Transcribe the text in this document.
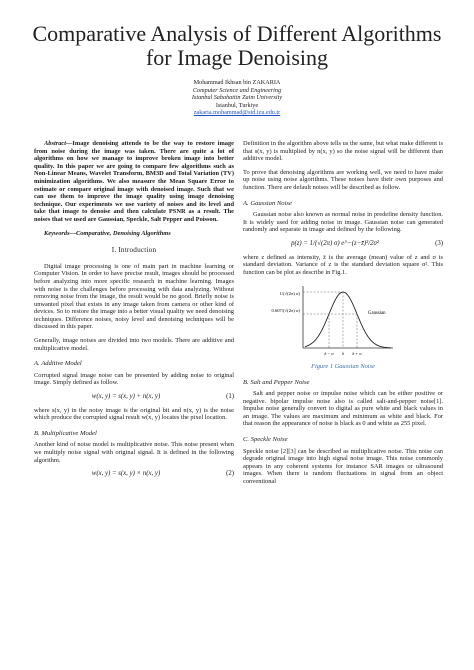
Comparative Analysis of Different Algorithms for Image Denoising
Mohammad Ikhsan bin ZAKARIA
Computer Science and Engineering
Istanbul Sabahattin Zaim University
Istanbul, Turkiye
zakaria.mohammad@std.izu.edu.tr

Abstract—Image denoising attends to be the way to restore image from noise during the image was taken. There are quite a lot of algorithms on how we manage to improve broken image into better quality. In this paper we are going to compare few algorithms such as Non-Linear Means, Wavelet Transform, BM3D and Total Variation (TV) minimization algorithms. We also measure the Mean Square Error to estimate or compare original image with denoised image. Such that we can use them to improve the image quality using image denoising technique. Our experiments we use variety of noises and its level and take that image to denoise and then calculate PSNR as a result. The noises that we used are Gaussian, Speckle, Salt Pepper and Poisson.

Keywords—Comparative, Denoising Algorithms

I. Introduction

Digital image processing is one of main part in machine learning or Computer Vision. In order to have precise result, images should be processed before analyzing into more specific research in machine learning. Images with noise is the challenges before processing with data analyzing. Without removing noise from the image, the result would be no good. Briefly noise is unwanted pixel that exists in any image taken from camera or other kind of devices. So to restore the image into a better visual quality we need denoising techniques. Difference noises, noisy level and denoising techniques will be discussed in this paper.

Generally, image noises are divided into two models. There are additive and multiplicative model.

A. Additive Model

Corrupted signal image noise can be presented by adding noise to original image. Simply defined as follow.

w(x, y) = s(x, y) + n(x, y)	(1)

where s(x, y) in the noisy image is the original bit and n(x, y) is the noise which produce the corrupted signal result w(x, y) locates the pixel location.

B. Multiplicative Model

Another kind of noise model is multiplicative noise. This noise present when we multiply noise signal with original signal. It is defined in the following algorithm.

w(x, y) = s(x, y) × n(x, y)	(2)

Definition in the algorithm above tells us the same, but what make different is that s(x, y) is multiplied by n(x, y) so the noise signal will be different than additive model.

To prove that denoising algorithms are working well, we need to have make up noise using noise algorithms. These noises have their own purposes and function. There are default noises will be described as follow.

A. Gaussian Noise

Gaussian noise also known as normal noise in predefine density function. It is widely used for adding noise in image. Gaussian noise can generated randomly and separate in image and defined by the following.

p(z) = 1/(√(2π) σ) e^−(z−z̄)²/2σ²	(3)

where z defined as intensity, z̄ is the average (mean) value of z and σ is standard deviation. Variance of z is the standard deviation square σ². This function can be plot as describe in Fig.1.

1/(√(2π) σ)
0.607/(√(2π) σ)
Gaussian
z̄ − σ z̄ z̄ + σ
Figure 1 Gaussian Noise
B. Salt and Pepper Noise

Salt and pepper noise or impulse noise which can be either positive or negative. bipolar impulse noise also is called salt-and-pepper noise[1]. Impulse noise generally convert to digital as pure white and black values in an image. The values are maximum and minimum as white and black. For that reason the appearance of noise is black as 0 and white as 255 pixel.

C. Speckle Noise

Speckle noise [2][3] can be described as multiplicative noise. This noise can degrade original image into high signal noise image. This noise commonly appears in any coherent systems for instance SAR images or ultrasound images. When there is random fluctuations in signal from an object conventional
